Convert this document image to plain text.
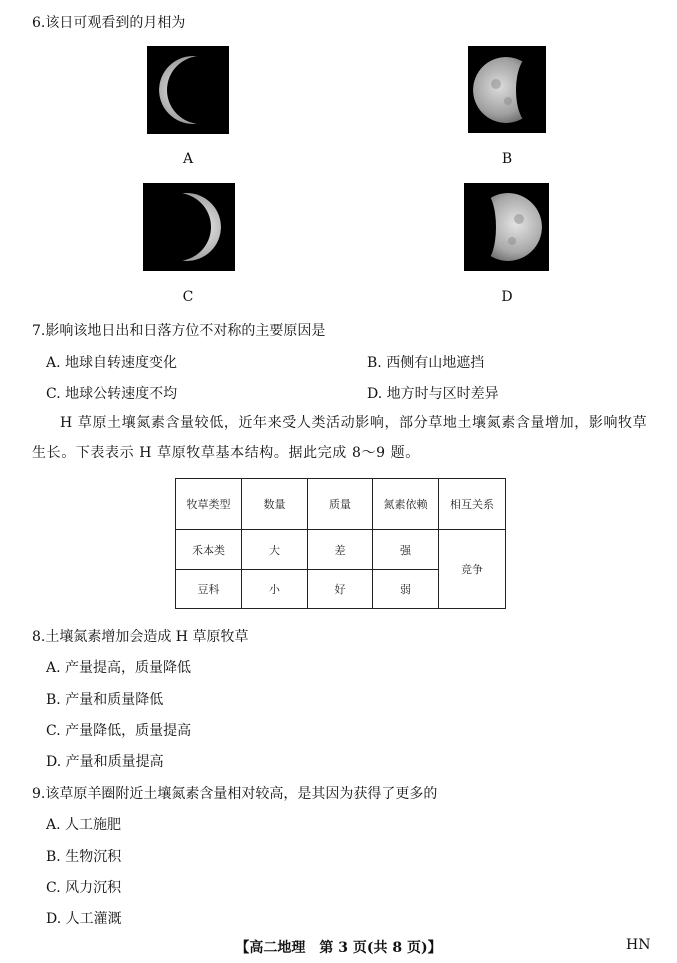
6.该日可观看到的月相为
A	B
C	D
7.影响该地日出和日落方位不对称的主要原因是
A. 地球自转速度变化	B. 西侧有山地遮挡
C. 地球公转速度不均	D. 地方时与区时差异
H 草原土壤氮素含量较低，近年来受人类活动影响，部分草地土壤氮素含量增加，影响牧草生长。下表表示 H 草原牧草基本结构。据此完成 8～9 题。
牧草类型	数量	质量	氮素依赖	相互关系
禾本类	大	差	强	竞争
豆科	小	好	弱	
8.土壤氮素增加会造成 H 草原牧草
A. 产量提高，质量降低
B. 产量和质量降低
C. 产量降低，质量提高
D. 产量和质量提高
9.该草原羊圈附近土壤氮素含量相对较高，是其因为获得了更多的
A. 人工施肥
B. 生物沉积
C. 风力沉积
D. 人工灌溉
【高二地理　第 3 页(共 8 页)】	HN
